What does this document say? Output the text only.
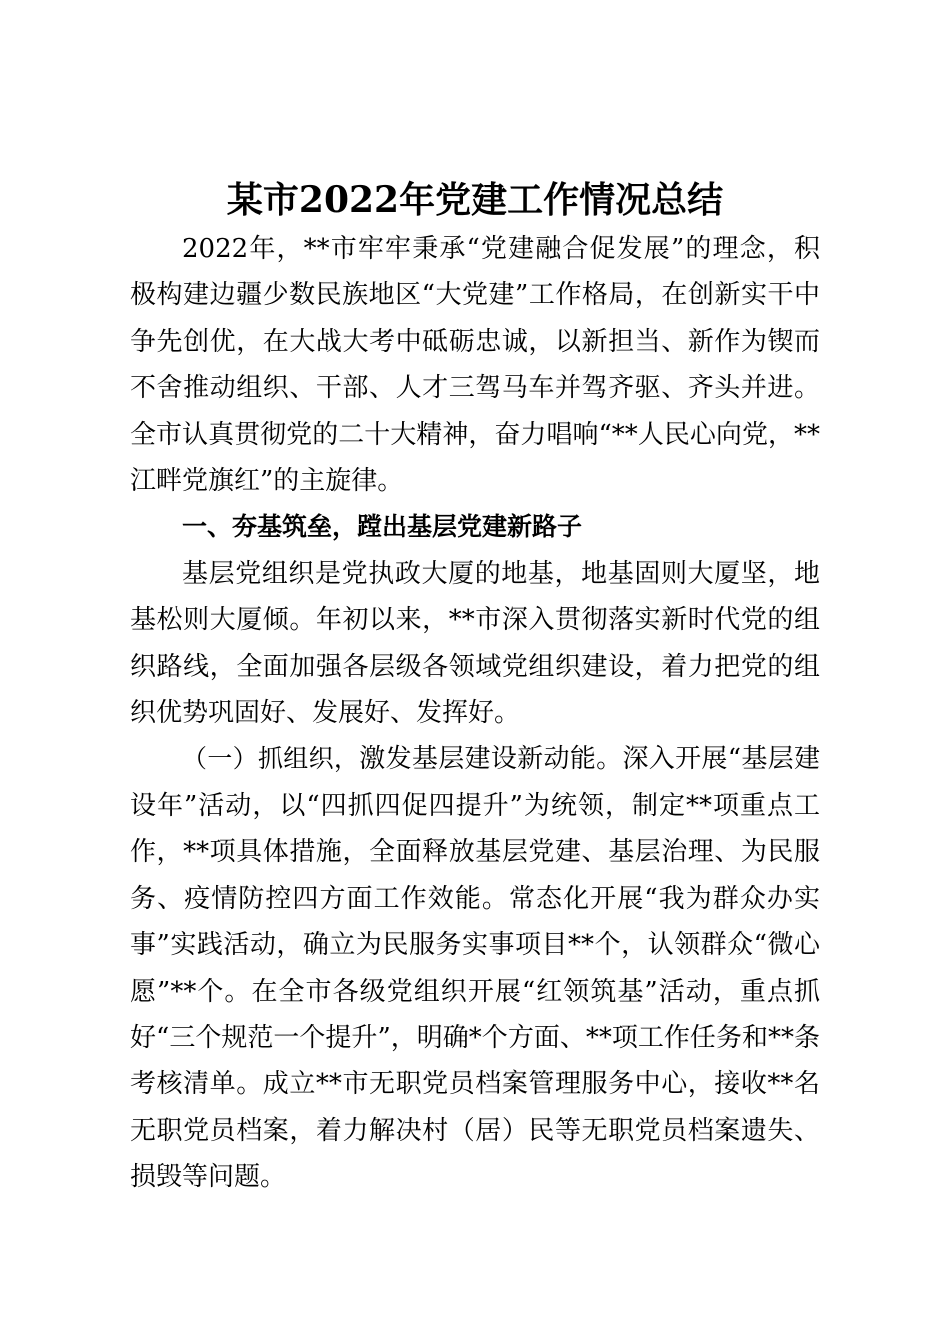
某市2022年党建工作情况总结

2022年，**市牢牢秉承“党建融合促发展”的理念，积极构建边疆少数民族地区“大党建”工作格局，在创新实干中争先创优，在大战大考中砥砺忠诚，以新担当、新作为锲而不舍推动组织、干部、人才三驾马车并驾齐驱、齐头并进。全市认真贯彻党的二十大精神，奋力唱响“**人民心向党，**江畔党旗红”的主旋律。

一、夯基筑垒，蹚出基层党建新路子

基层党组织是党执政大厦的地基，地基固则大厦坚，地基松则大厦倾。年初以来，**市深入贯彻落实新时代党的组织路线，全面加强各层级各领域党组织建设，着力把党的组织优势巩固好、发展好、发挥好。

（一）抓组织，激发基层建设新动能。深入开展“基层建设年”活动，以“四抓四促四提升”为统领，制定**项重点工作，**项具体措施，全面释放基层党建、基层治理、为民服务、疫情防控四方面工作效能。常态化开展“我为群众办实事”实践活动，确立为民服务实事项目**个，认领群众“微心愿”**个。在全市各级党组织开展“红领筑基”活动，重点抓好“三个规范一个提升”，明确*个方面、**项工作任务和**条考核清单。成立**市无职党员档案管理服务中心，接收**名无职党员档案，着力解决村（居）民等无职党员档案遗失、损毁等问题。
